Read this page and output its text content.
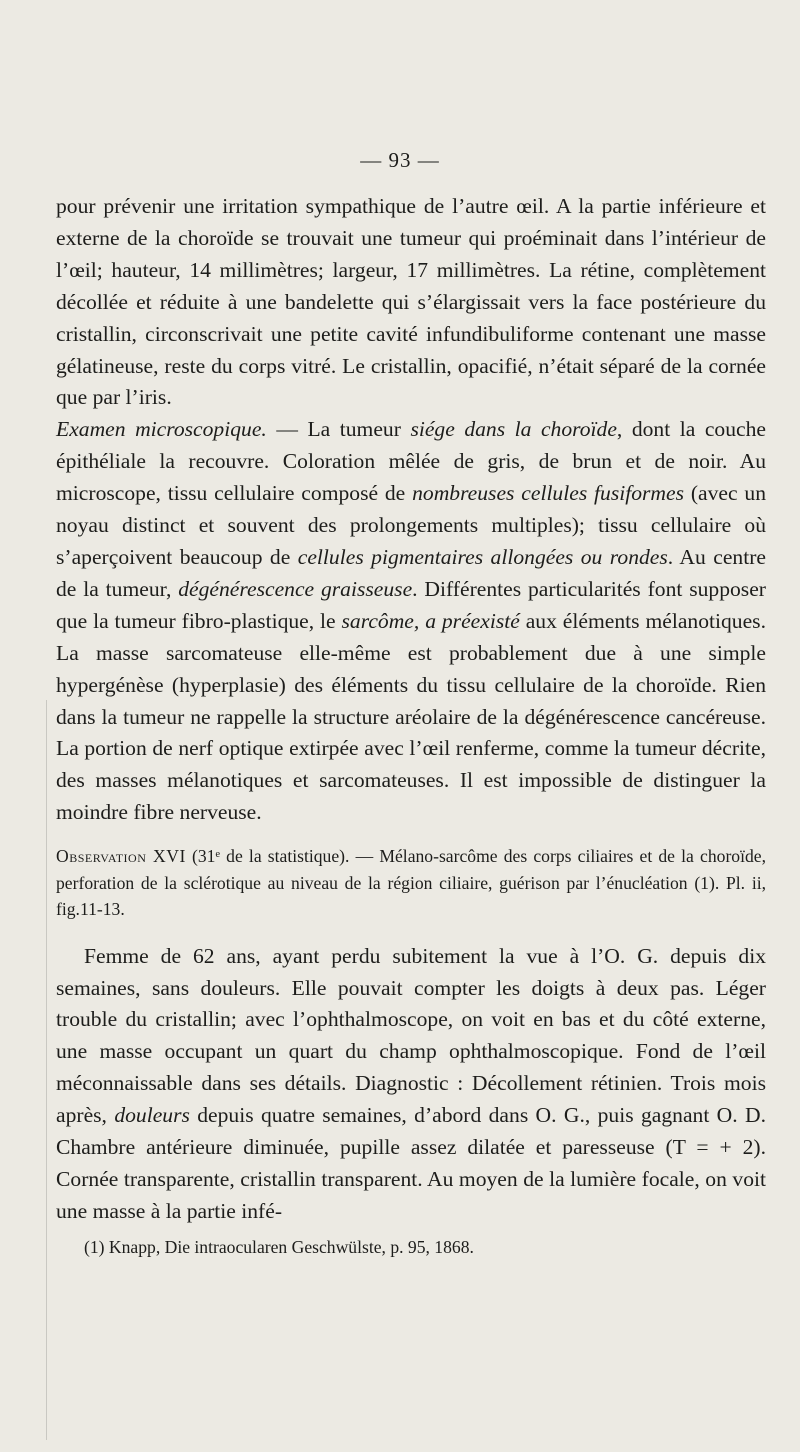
— 93 —

pour prévenir une irritation sympathique de l’autre œil. A la partie inférieure et externe de la choroïde se trouvait une tumeur qui proéminait dans l’intérieur de l’œil; hauteur, 14 millimètres; largeur, 17 millimètres. La rétine, complètement décollée et réduite à une bandelette qui s’élargissait vers la face postérieure du cristallin, circonscrivait une petite cavité infundibuliforme contenant une masse gélatineuse, reste du corps vitré. Le cristallin, opacifié, n’était séparé de la cornée que par l’iris.

Examen microscopique. — La tumeur siége dans la choroïde, dont la couche épithéliale la recouvre. Coloration mêlée de gris, de brun et de noir. Au microscope, tissu cellulaire composé de nombreuses cellules fusiformes (avec un noyau distinct et souvent des prolongements multiples); tissu cellulaire où s’aperçoivent beaucoup de cellules pigmentaires allongées ou rondes. Au centre de la tumeur, dégénérescence graisseuse. Différentes particularités font supposer que la tumeur fibro-plastique, le sarcôme, a préexisté aux éléments mélanotiques. La masse sarcomateuse elle-même est probablement due à une simple hypergénèse (hyperplasie) des éléments du tissu cellulaire de la choroïde. Rien dans la tumeur ne rappelle la structure aréolaire de la dégénérescence cancéreuse. La portion de nerf optique extirpée avec l’œil renferme, comme la tumeur décrite, des masses mélanotiques et sarcomateuses. Il est impossible de distinguer la moindre fibre nerveuse.

Observation XVI (31ᵉ de la statistique). — Mélano-sarcôme des corps ciliaires et de la choroïde, perforation de la sclérotique au niveau de la région ciliaire, guérison par l’énucléation (1). Pl. ii, fig.11-13.

Femme de 62 ans, ayant perdu subitement la vue à l’O. G. depuis dix semaines, sans douleurs. Elle pouvait compter les doigts à deux pas. Léger trouble du cristallin; avec l’ophthalmoscope, on voit en bas et du côté externe, une masse occupant un quart du champ ophthalmoscopique. Fond de l’œil méconnaissable dans ses détails. Diagnostic : Décollement rétinien. Trois mois après, douleurs depuis quatre semaines, d’abord dans O. G., puis gagnant O. D. Chambre antérieure diminuée, pupille assez dilatée et paresseuse (T = + 2). Cornée transparente, cristallin transparent. Au moyen de la lumière focale, on voit une masse à la partie infé-

(1) Knapp, Die intraocularen Geschwülste, p. 95, 1868.
